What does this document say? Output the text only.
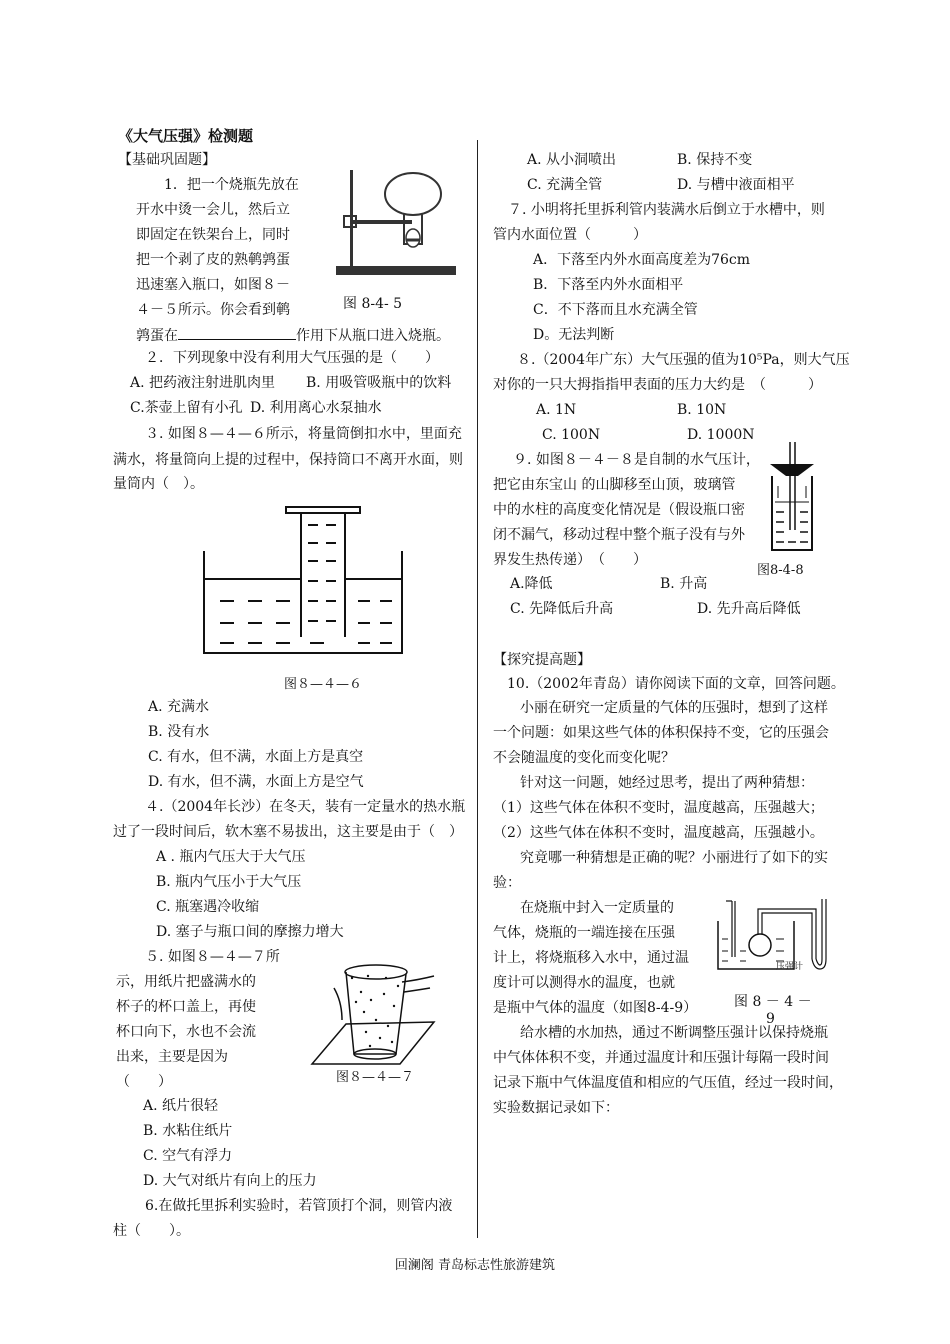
《大气压强》检测题
【基础巩固题】
1．把一个烧瓶先放在
开水中烫一会儿，然后立
即固定在铁架台上，同时
把一个剥了皮的熟鹌鹑蛋
迅速塞入瓶口，如图８－
４－５所示。你会看到鹌
鹑蛋在	作用下从瓶口进入烧瓶。
图 8-4- 5
２．下列现象中没有利用大气压强的是（　　）
A. 把药液注射进肌肉里 B. 用吸管吸瓶中的饮料
C.茶壶上留有小孔 D. 利用离心水泵抽水
３. 如图８—４—６所示，将量筒倒扣水中，里面充
满水，将量筒向上提的过程中，保持筒口不离开水面，则
量筒内（　）。
图８—４—６
A. 充满水
B. 没有水
C. 有水，但不满，水面上方是真空
D. 有水，但不满，水面上方是空气
４.（2004年长沙）在冬天，装有一定量水的热水瓶
过了一段时间后，软木塞不易拔出，这主要是由于（　）
A . 瓶内气压大于大气压
B. 瓶内气压小于大气压
C. 瓶塞遇冷收缩
D. 塞子与瓶口间的摩擦力增大
５. 如图８—４—７所
示，用纸片把盛满水的
杯子的杯口盖上，再使
杯口向下，水也不会流
出来，主要是因为
（　　）	图８—４—７
A. 纸片很轻
B. 水粘住纸片
C. 空气有浮力
D. 大气对纸片有向上的压力
6.在做托里拆利实验时，若管顶打个洞，则管内液
柱（　　）。
A. 从小洞喷出	B. 保持不变
C. 充满全管	D. 与槽中液面相平
７. 小明将托里拆利管内装满水后倒立于水槽中，则
管内水面位置（　　　）
A．下落至内外水面高度差为76cm
B．下落至内外水面相平
C．不下落而且水充满全管
D。无法判断
８.（2004年广东）大气压强的值为10⁵Pa，则大气压
对你的一只大拇指指甲表面的压力大约是　（　　　）
A. 1N	B. 10N
C. 100N	D. 1000N
９. 如图８－４－８是自制的水气压计，
把它由东宝山 的山脚移至山顶，玻璃管
中的水柱的高度变化情况是（假设瓶口密
闭不漏气，移动过程中整个瓶子没有与外
界发生热传递）　（　　）
图8-4-8
A.降低	B. 升高
C. 先降低后升高	D. 先升高后降低
【探究提高题】
10.（2002年青岛）请你阅读下面的文章，回答问题。
小丽在研究一定质量的气体的压强时，想到了这样
一个问题：如果这些气体的体积保持不变，它的压强会
不会随温度的变化而变化呢？
针对这一问题，她经过思考，提出了两种猜想：
（1）这些气体在体积不变时，温度越高，压强越大；
（2）这些气体在体积不变时，温度越高，压强越小。
究竟哪一种猜想是正确的呢？小丽进行了如下的实
验：
在烧瓶中封入一定质量的
气体，烧瓶的一端连接在压强
计上，将烧瓶移入水中，通过温
度计可以测得水的温度，也就
是瓶中气体的温度（如图8-4-9）
压强计
图 8 － 4 －
9
给水槽的水加热，通过不断调整压强计以保持烧瓶
中气体体积不变，并通过温度计和压强计每隔一段时间
记录下瓶中气体温度值和相应的气压值，经过一段时间，
实验数据记录如下：
回澜阁 青岛标志性旅游建筑
